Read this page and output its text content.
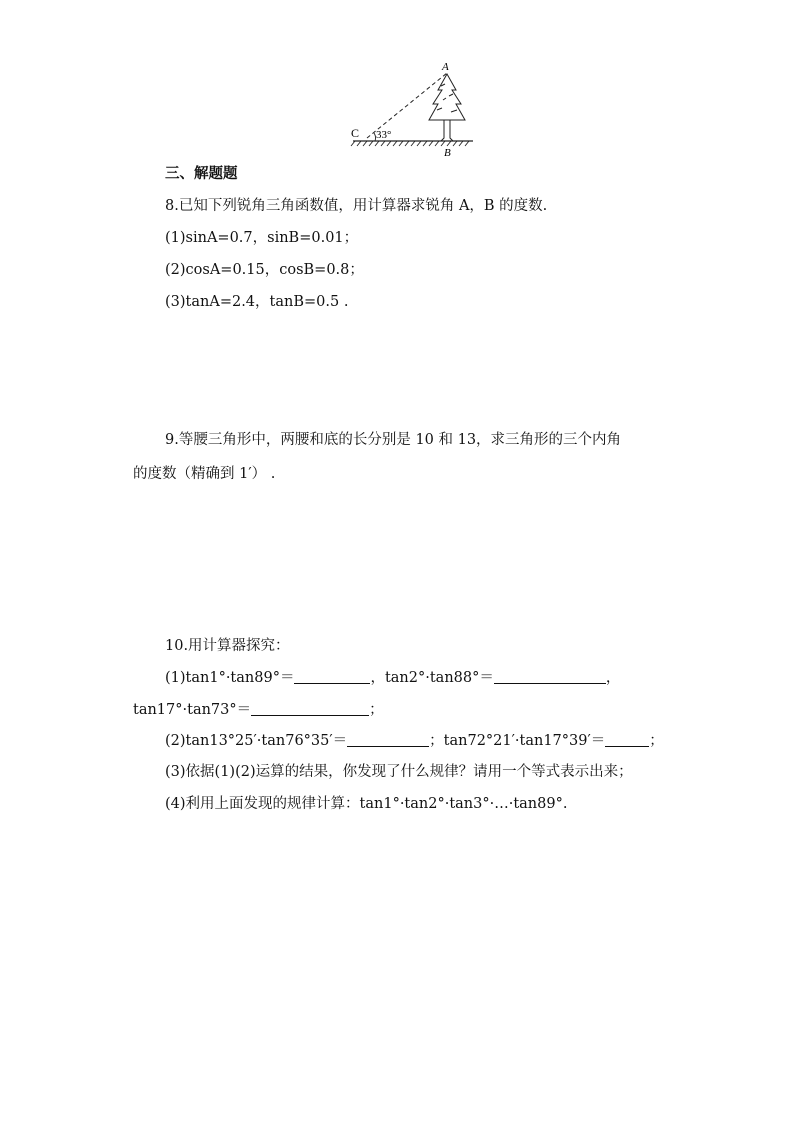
A
B
C 33°
三、解题题
8.已知下列锐角三角函数值，用计算器求锐角 A，B 的度数.
(1)sinA=0.7，sinB=0.01；
(2)cosA=0.15，cosB=0.8；
(3)tanA=2.4，tanB=0.5 .
9.等腰三角形中，两腰和底的长分别是 10 和 13，求三角形的三个内角
的度数（精确到 1′） .
10.用计算器探究：
(1)tan1°·tan89°＝	，tan2°·tan88°＝	，
tan17°·tan73°＝	；
(2)tan13°25′·tan76°35′＝	；tan72°21′·tan17°39′＝	；
(3)依据(1)(2)运算的结果，你发现了什么规律？请用一个等式表示出来；
(4)利用上面发现的规律计算：tan1°·tan2°·tan3°·…·tan89°.
